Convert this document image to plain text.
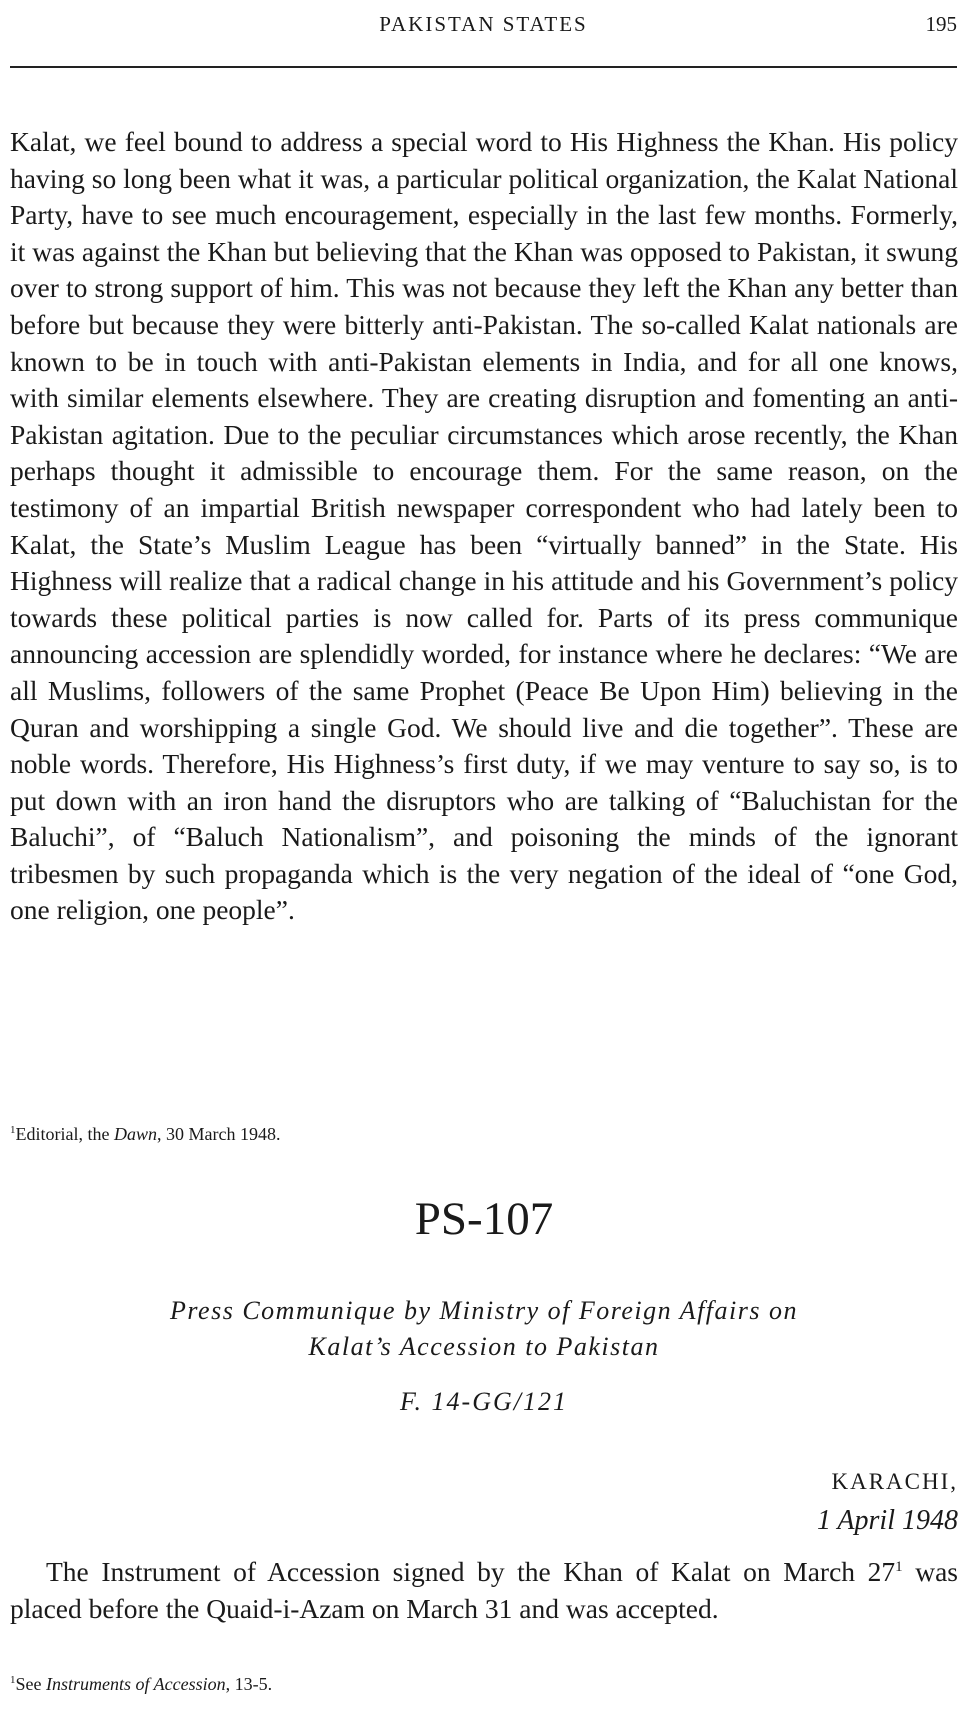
PAKISTAN STATES	195

Kalat, we feel bound to address a special word to His Highness the Khan. His policy having so long been what it was, a particular political organization, the Kalat National Party, have to see much encouragement, especially in the last few months. Formerly, it was against the Khan but believing that the Khan was opposed to Pakistan, it swung over to strong support of him. This was not because they left the Khan any better than before but because they were bitterly anti-Pakistan. The so-called Kalat nationals are known to be in touch with anti-Pakistan elements in India, and for all one knows, with similar elements elsewhere. They are creating disruption and fomenting an anti-Pakistan agitation. Due to the peculiar circumstances which arose recently, the Khan perhaps thought it admissible to encourage them. For the same reason, on the testimony of an impartial British newspaper correspondent who had lately been to Kalat, the State’s Muslim League has been “virtually banned” in the State. His Highness will realize that a radical change in his attitude and his Government’s policy towards these political parties is now called for. Parts of its press communique announcing accession are splendidly worded, for instance where he declares: “We are all Muslims, followers of the same Prophet (Peace Be Upon Him) believing in the Quran and worshipping a single God. We should live and die together”. These are noble words. Therefore, His Highness’s first duty, if we may venture to say so, is to put down with an iron hand the disruptors who are talking of “Baluchistan for the Baluchi”, of “Baluch Nationalism”, and poisoning the minds of the ignorant tribesmen by such propaganda which is the very negation of the ideal of “one God, one religion, one people”.

$^1$Editorial, the Dawn, 30 March 1948.

PS-107

Press Communique by Ministry of Foreign Affairs on
Kalat’s Accession to Pakistan

F. 14-GG/121

KARACHI,

1 April 1948

The Instrument of Accession signed by the Khan of Kalat on March $27^1$ was placed before the Quaid-i-Azam on March 31 and was accepted.

$^1$See Instruments of Accession, 13-5.
